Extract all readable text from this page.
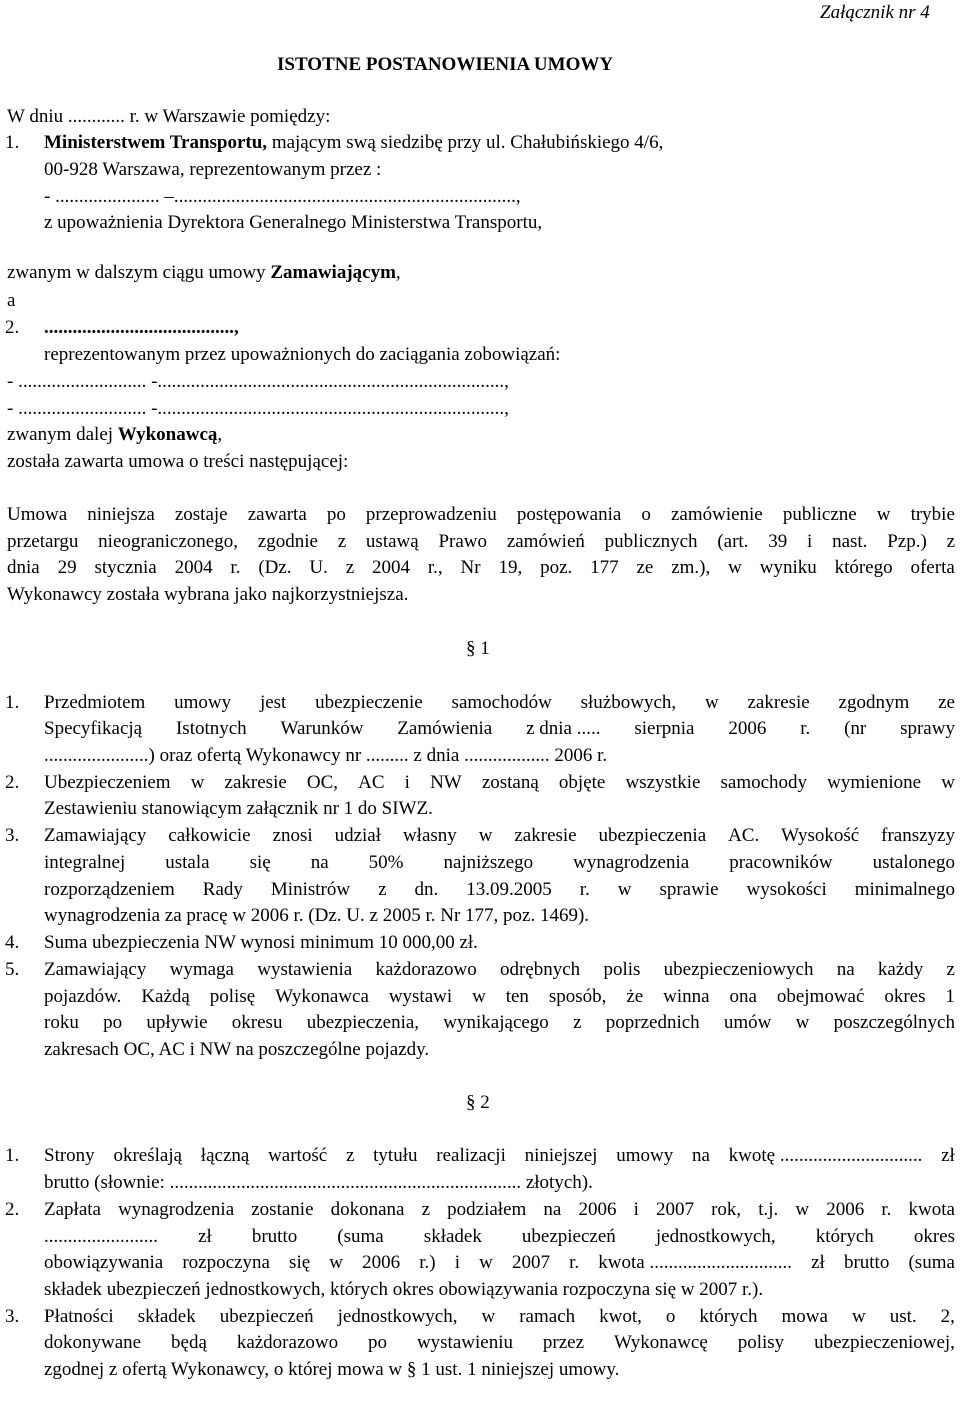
Załącznik nr 4
ISTOTNE POSTANOWIENIA UMOWY
W dniu ............ r. w Warszawie pomiędzy:
1. Ministerstwem Transportu, mającym swą siedzibę przy ul. Chałubińskiego 4/6,
00-928 Warszawa, reprezentowanym przez :
- ...................... –........................................................................,
z upoważnienia Dyrektora Generalnego Ministerstwa Transportu,
zwanym w dalszym ciągu umowy Zamawiającym,
a
2. ........................................,
reprezentowanym przez upoważnionych do zaciągania zobowiązań:
- ........................... -.........................................................................,
- ........................... -.........................................................................,
zwanym dalej Wykonawcą,
została zawarta umowa o treści następującej:
Umowa niniejsza zostaje zawarta po przeprowadzeniu postępowania o zamówienie publiczne w trybie
przetargu nieograniczonego, zgodnie z ustawą Prawo zamówień publicznych (art. 39 i nast. Pzp.) z
dnia 29 stycznia 2004 r. (Dz. U. z 2004 r., Nr 19, poz. 177 ze zm.), w wyniku którego oferta
Wykonawcy została wybrana jako najkorzystniejsza.
§ 1
1. Przedmiotem umowy jest ubezpieczenie samochodów służbowych, w zakresie zgodnym ze
Specyfikacją Istotnych Warunków Zamówienia z dnia ..... sierpnia 2006 r. (nr sprawy
......................) oraz ofertą Wykonawcy nr ......... z dnia .................. 2006 r.
2. Ubezpieczeniem w zakresie OC, AC i NW zostaną objęte wszystkie samochody wymienione w
Zestawieniu stanowiącym załącznik nr 1 do SIWZ.
3. Zamawiający całkowicie znosi udział własny w zakresie ubezpieczenia AC. Wysokość franszyzy
integralnej ustala się na 50% najniższego wynagrodzenia pracowników ustalonego
rozporządzeniem Rady Ministrów z dn. 13.09.2005 r. w sprawie wysokości minimalnego
wynagrodzenia za pracę w 2006 r. (Dz. U. z 2005 r. Nr 177, poz. 1469).
4. Suma ubezpieczenia NW wynosi minimum 10 000,00 zł.
5. Zamawiający wymaga wystawienia każdorazowo odrębnych polis ubezpieczeniowych na każdy z
pojazdów. Każdą polisę Wykonawca wystawi w ten sposób, że winna ona obejmować okres 1
roku po upływie okresu ubezpieczenia, wynikającego z poprzednich umów w poszczególnych
zakresach OC, AC i NW na poszczególne pojazdy.
§ 2
1. Strony określają łączną wartość z tytułu realizacji niniejszej umowy na kwotę .............................. zł
brutto (słownie: .......................................................................... złotych).
2. Zapłata wynagrodzenia zostanie dokonana z podziałem na 2006 i 2007 rok, t.j. w 2006 r. kwota
........................ zł brutto (suma składek ubezpieczeń jednostkowych, których okres
obowiązywania rozpoczyna się w 2006 r.) i w 2007 r. kwota .............................. zł brutto (suma
składek ubezpieczeń jednostkowych, których okres obowiązywania rozpoczyna się w 2007 r.).
3. Płatności składek ubezpieczeń jednostkowych, w ramach kwot, o których mowa w ust. 2,
dokonywane będą każdorazowo po wystawieniu przez Wykonawcę polisy ubezpieczeniowej,
zgodnej z ofertą Wykonawcy, o której mowa w § 1 ust. 1 niniejszej umowy.
